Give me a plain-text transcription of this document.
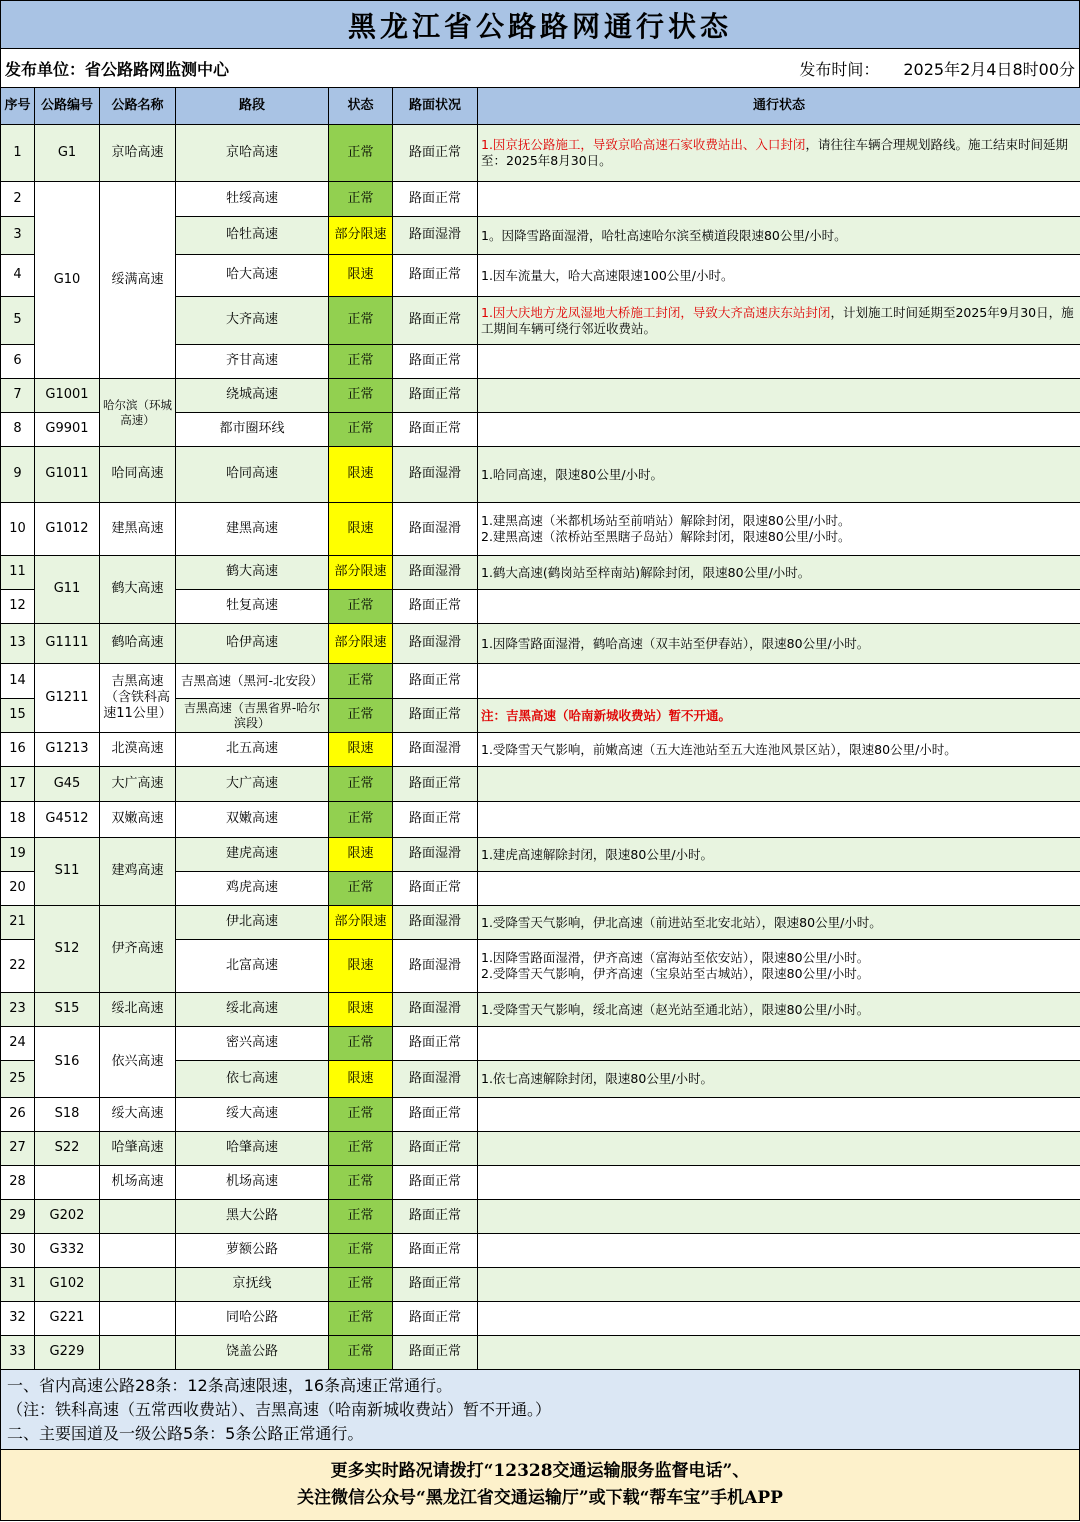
黑龙江省公路路网通行状态
发布单位：省公路路网监测中心	发布时间： 2025年2月4日8时00分
序号	公路编号	公路名称	路段	状态	路面状况	通行状态
1	G1	京哈高速	京哈高速	正常	路面正常	1.因京抚公路施工，导致京哈高速石家收费站出、入口封闭，请往往车辆合理规划路线。施工结束时间延期至：2025年8月30日。
2	G10	绥满高速	牡绥高速	正常	路面正常	
3			哈牡高速	部分限速	路面湿滑	1。因降雪路面湿滑，哈牡高速哈尔滨至横道段限速80公里/小时。
4			哈大高速	限速	路面正常	1.因车流量大，哈大高速限速100公里/小时。
5			大齐高速	正常	路面正常	1.因大庆地方龙凤湿地大桥施工封闭，导致大齐高速庆东站封闭，计划施工时间延期至2025年9月30日，施工期间车辆可绕行邻近收费站。
6			齐甘高速	正常	路面正常	
7	G1001	哈尔滨（环城高速）	绕城高速	正常	路面正常	
8	G9901		都市圈环线	正常	路面正常	
9	G1011	哈同高速	哈同高速	限速	路面湿滑	1.哈同高速，限速80公里/小时。
10	G1012	建黑高速	建黑高速	限速	路面湿滑	1.建黑高速（米都机场站至前哨站）解除封闭，限速80公里/小时。
2.建黑高速（浓桥站至黑瞎子岛站）解除封闭，限速80公里/小时。

11	G11	鹤大高速	鹤大高速	部分限速	路面湿滑	1.鹤大高速(鹤岗站至梓南站)解除封闭，限速80公里/小时。
12			牡复高速	正常	路面正常	
13	G1111	鹤哈高速	哈伊高速	部分限速	路面湿滑	1.因降雪路面湿滑，鹤哈高速（双丰站至伊春站），限速80公里/小时。
14	G1211	吉黑高速（含铁科高速11公里）	吉黑高速（黑河-北安段）	正常	路面正常	
15			吉黑高速（吉黑省界-哈尔滨段）	正常	路面正常	注：吉黑高速（哈南新城收费站）暂不开通。
16	G1213	北漠高速	北五高速	限速	路面湿滑	1.受降雪天气影响，前嫩高速（五大连池站至五大连池风景区站），限速80公里/小时。
17	G45	大广高速	大广高速	正常	路面正常	
18	G4512	双嫩高速	双嫩高速	正常	路面正常	
19	S11	建鸡高速	建虎高速	限速	路面湿滑	1.建虎高速解除封闭，限速80公里/小时。
20			鸡虎高速	正常	路面正常	
21	S12	伊齐高速	伊北高速	部分限速	路面湿滑	1.受降雪天气影响，伊北高速（前进站至北安北站），限速80公里/小时。
22			北富高速	限速	路面湿滑	1.因降雪路面湿滑，伊齐高速（富海站至依安站），限速80公里/小时。
2.受降雪天气影响，伊齐高速（宝泉站至古城站），限速80公里/小时。

23	S15	绥北高速	绥北高速	限速	路面湿滑	1.受降雪天气影响，绥北高速（赵光站至通北站），限速80公里/小时。
24	S16	依兴高速	密兴高速	正常	路面正常	
25			依七高速	限速	路面湿滑	1.依七高速解除封闭，限速80公里/小时。
26	S18	绥大高速	绥大高速	正常	路面正常	
27	S22	哈肇高速	哈肇高速	正常	路面正常	
28		机场高速	机场高速	正常	路面正常	
29	G202		黑大公路	正常	路面正常	
30	G332		萝额公路	正常	路面正常	
31	G102		京抚线	正常	路面正常	
32	G221		同哈公路	正常	路面正常	
33	G229		饶盖公路	正常	路面正常	
一、省内高速公路28条：12条高速限速，16条高速正常通行。
（注：铁科高速（五常西收费站）、吉黑高速（哈南新城收费站）暂不开通。）
二、主要国道及一级公路5条：5条公路正常通行。
更多实时路况请拨打“12328交通运输服务监督电话”、
关注微信公众号“黑龙江省交通运输厅”或下载“帮车宝”手机APP
